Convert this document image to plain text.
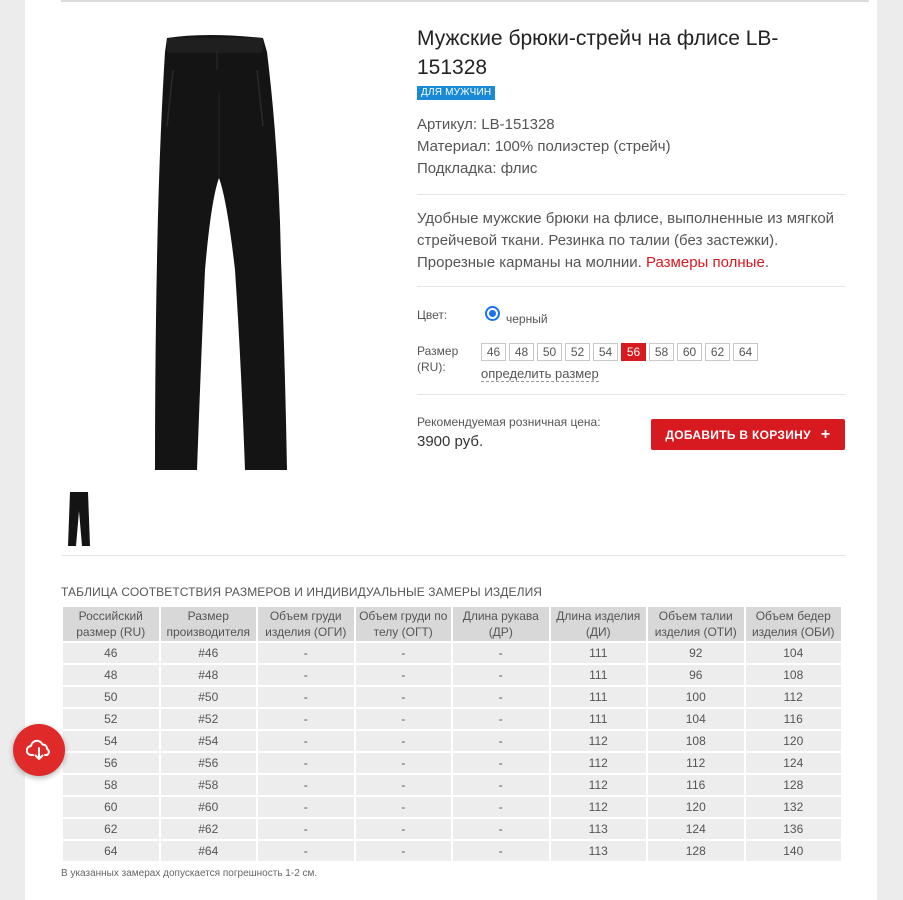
Мужские брюки-стрейч на флисе LB-151328
ДЛЯ МУЖЧИН
Артикул: LB-151328
Материал: 100% полиэстер (стрейч)
Подкладка: флис
Удобные мужские брюки на флисе, выполненные из мягкой стрейчевой ткани. Резинка по талии (без застежки). Прорезные карманы на молнии. Размеры полные.
Цвет:	черный
Размер (RU):
46	48	50	52	54	56	58	60	62	64
определить размер
Рекомендуемая розничная цена:
3900 руб.	ДОБАВИТЬ В КОРЗИНУ +
ТАБЛИЦА СООТВЕТСТВИЯ РАЗМЕРОВ И ИНДИВИДУАЛЬНЫЕ ЗАМЕРЫ ИЗДЕЛИЯ
Российский размер (RU)	Размер производителя	Объем груди изделия (ОГИ)	Объем груди по телу (ОГТ)	Длина рукава (ДР)	Длина изделия (ДИ)	Объем талии изделия (ОТИ)	Объем бедер изделия (ОБИ)
46	#46	-	-	-	111	92	104
48	#48	-	-	-	111	96	108
50	#50	-	-	-	111	100	112
52	#52	-	-	-	111	104	116
54	#54	-	-	-	112	108	120
56	#56	-	-	-	112	112	124
58	#58	-	-	-	112	116	128
60	#60	-	-	-	112	120	132
62	#62	-	-	-	113	124	136
64	#64	-	-	-	113	128	140
В указанных замерах допускается погрешность 1-2 см.
